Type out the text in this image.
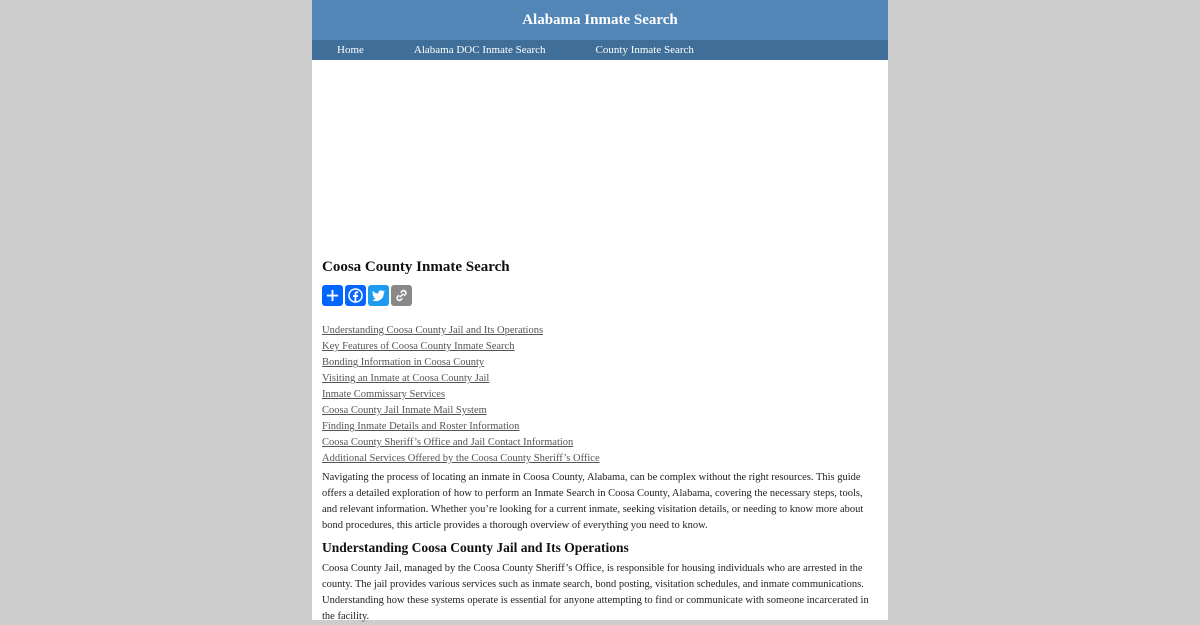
Alabama Inmate Search
Home	Alabama DOC Inmate Search	County Inmate Search
Coosa County Inmate Search
Understanding Coosa County Jail and Its Operations
Key Features of Coosa County Inmate Search
Bonding Information in Coosa County
Visiting an Inmate at Coosa County Jail
Inmate Commissary Services
Coosa County Jail Inmate Mail System
Finding Inmate Details and Roster Information
Coosa County Sheriff’s Office and Jail Contact Information
Additional Services Offered by the Coosa County Sheriff’s Office

Navigating the process of locating an inmate in Coosa County, Alabama, can be complex without the right resources. This guide offers a detailed exploration of how to perform an Inmate Search in Coosa County, Alabama, covering the necessary steps, tools, and relevant information. Whether you’re looking for a current inmate, seeking visitation details, or needing to know more about bond procedures, this article provides a thorough overview of everything you need to know.

Understanding Coosa County Jail and Its Operations

Coosa County Jail, managed by the Coosa County Sheriff’s Office, is responsible for housing individuals who are arrested in the county. The jail provides various services such as inmate search, bond posting, visitation schedules, and inmate communications. Understanding how these systems operate is essential for anyone attempting to find or communicate with someone incarcerated in the facility.
